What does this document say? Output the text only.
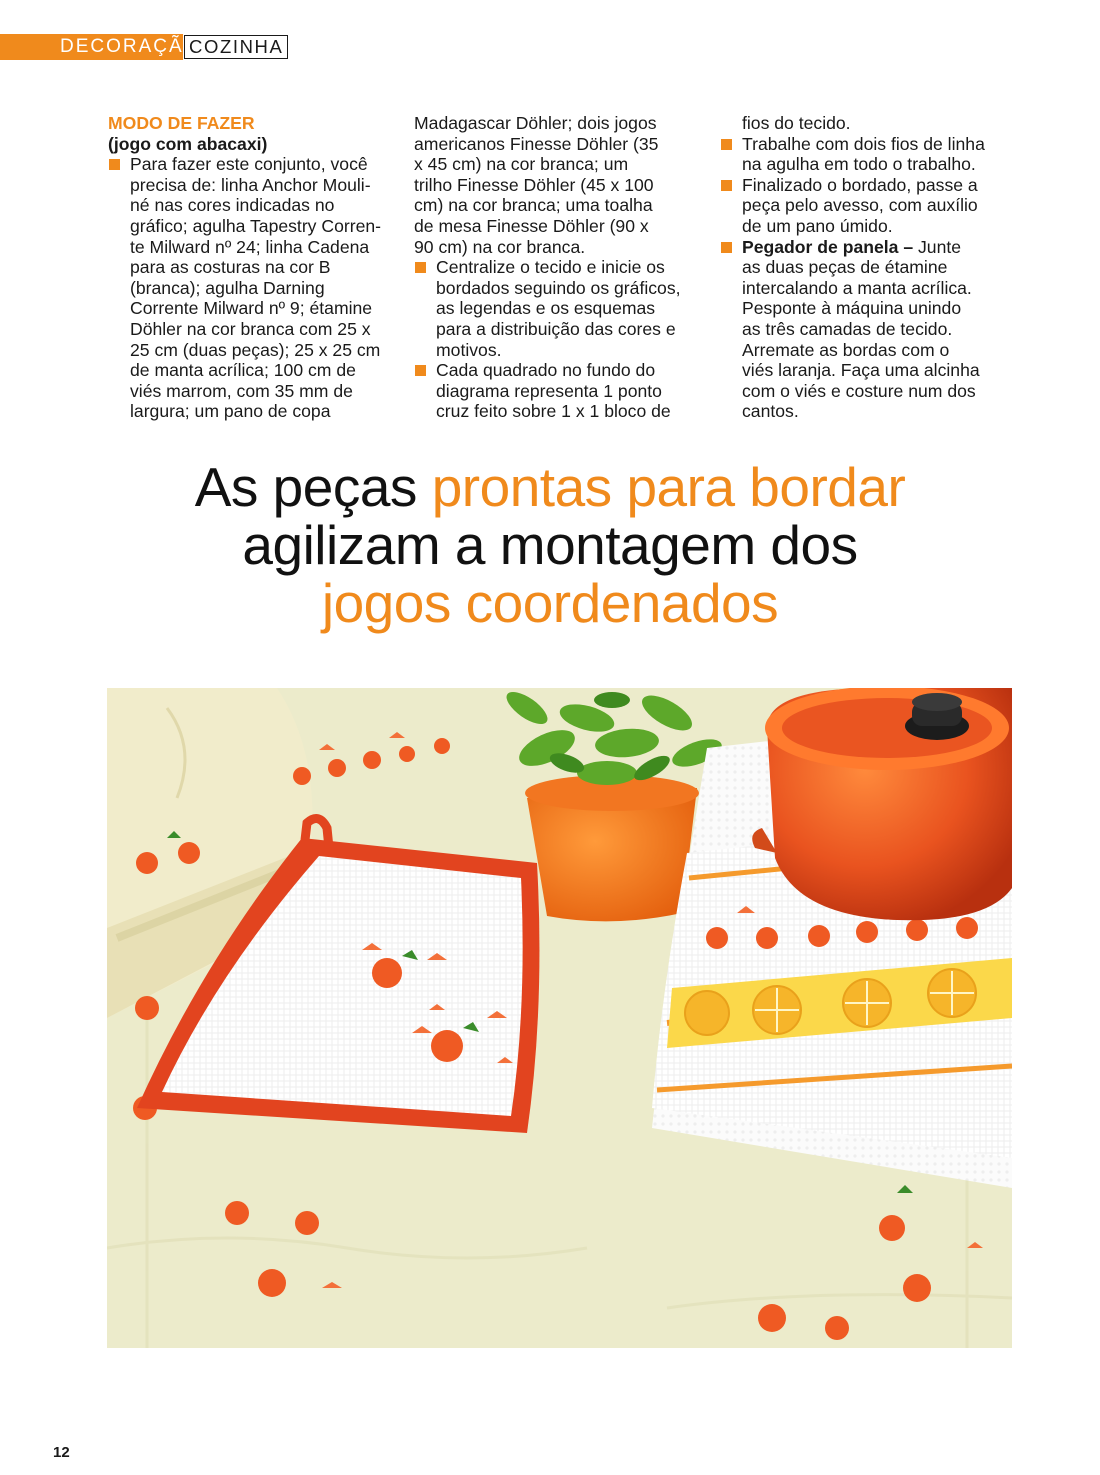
DECORAÇÃO
COZINHA

MODO DE FAZER

(jogo com abacaxi)

Para fazer este conjunto, você
precisa de: linha Anchor Mouli-
né nas cores indicadas no
gráfico; agulha Tapestry Corren-
te Milward nº 24; linha Cadena
para as costuras na cor B
(branca); agulha Darning
Corrente Milward nº 9; étamine
Döhler na cor branca com 25 x
25 cm (duas peças); 25 x 25 cm
de manta acrílica; 100 cm de
viés marrom, com 35 mm de
largura; um pano de copa
Madagascar Döhler; dois jogos
americanos Finesse Döhler (35
x 45 cm) na cor branca; um
trilho Finesse Döhler (45 x 100
cm) na cor branca; uma toalha
de mesa Finesse Döhler (90 x
90 cm) na cor branca.
Centralize o tecido e inicie os
bordados seguindo os gráficos,
as legendas e os esquemas
para a distribuição das cores e
motivos.
Cada quadrado no fundo do
diagrama representa 1 ponto
cruz feito sobre 1 x 1 bloco de
fios do tecido.
Trabalhe com dois fios de linha
na agulha em todo o trabalho.
Finalizado o bordado, passe a
peça pelo avesso, com auxílio
de um pano úmido.
Pegador de panela – Junte
as duas peças de étamine
intercalando a manta acrílica.
Pesponte à máquina unindo
as três camadas de tecido.
Arremate as bordas com o
viés laranja. Faça uma alcinha
com o viés e costure num dos
cantos.
As peças prontas para bordar
agilizam a montagem dos
jogos coordenados
12
